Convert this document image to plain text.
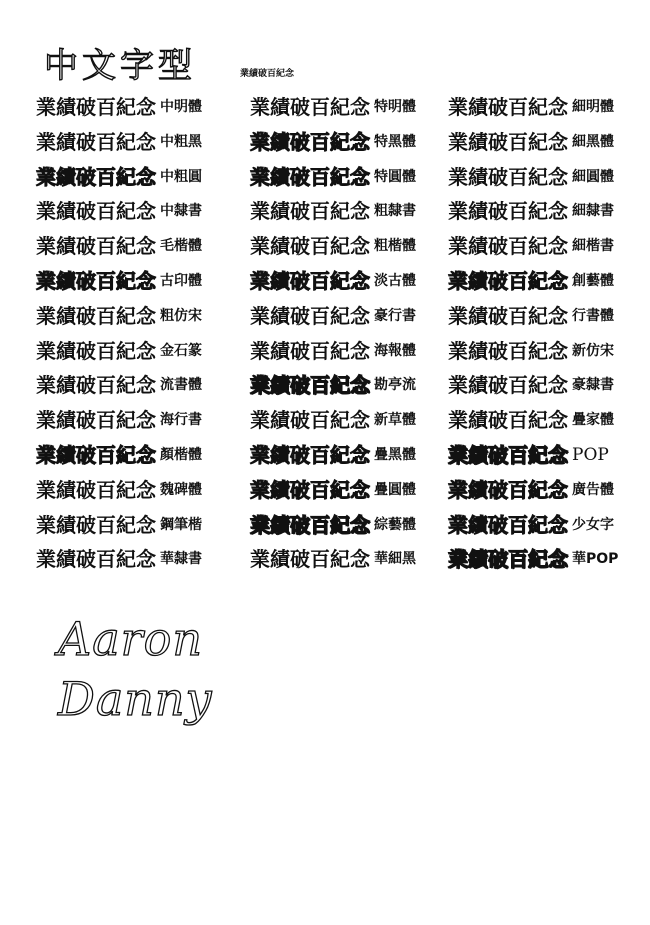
中文字型	業績破百紀念
業績破百紀念 中明體 業績破百紀念 特明體 業績破百紀念 細明體
業績破百紀念 中粗黑 業績破百紀念 特黑體 業績破百紀念 細黑體
業績破百紀念 中粗圓 業績破百紀念 特圓體 業績破百紀念 細圓體
業績破百紀念 中隸書 業績破百紀念 粗隸書 業績破百紀念 細隸書
業績破百紀念 毛楷體 業績破百紀念 粗楷體 業績破百紀念 細楷書
業績破百紀念 古印體 業績破百紀念 淡古體 業績破百紀念 創藝體
業績破百紀念 粗仿宋 業績破百紀念 豪行書 業績破百紀念 行書體
業績破百紀念 金石篆 業績破百紀念 海報體 業績破百紀念 新仿宋
業績破百紀念 流書體 業績破百紀念 勘亭流 業績破百紀念 豪隸書
業績破百紀念 海行書 業績破百紀念 新草體 業績破百紀念 疊家體
業績破百紀念 顏楷體 業績破百紀念 疊黑體 業績破百紀念 POP
業績破百紀念 魏碑體 業績破百紀念 疊圓體 業績破百紀念 廣告體
業績破百紀念 鋼筆楷 業績破百紀念 綜藝體 業績破百紀念 少女字
業績破百紀念 華隸書 業績破百紀念 華細黑 業績破百紀念 華POP
Aaron
Danny
